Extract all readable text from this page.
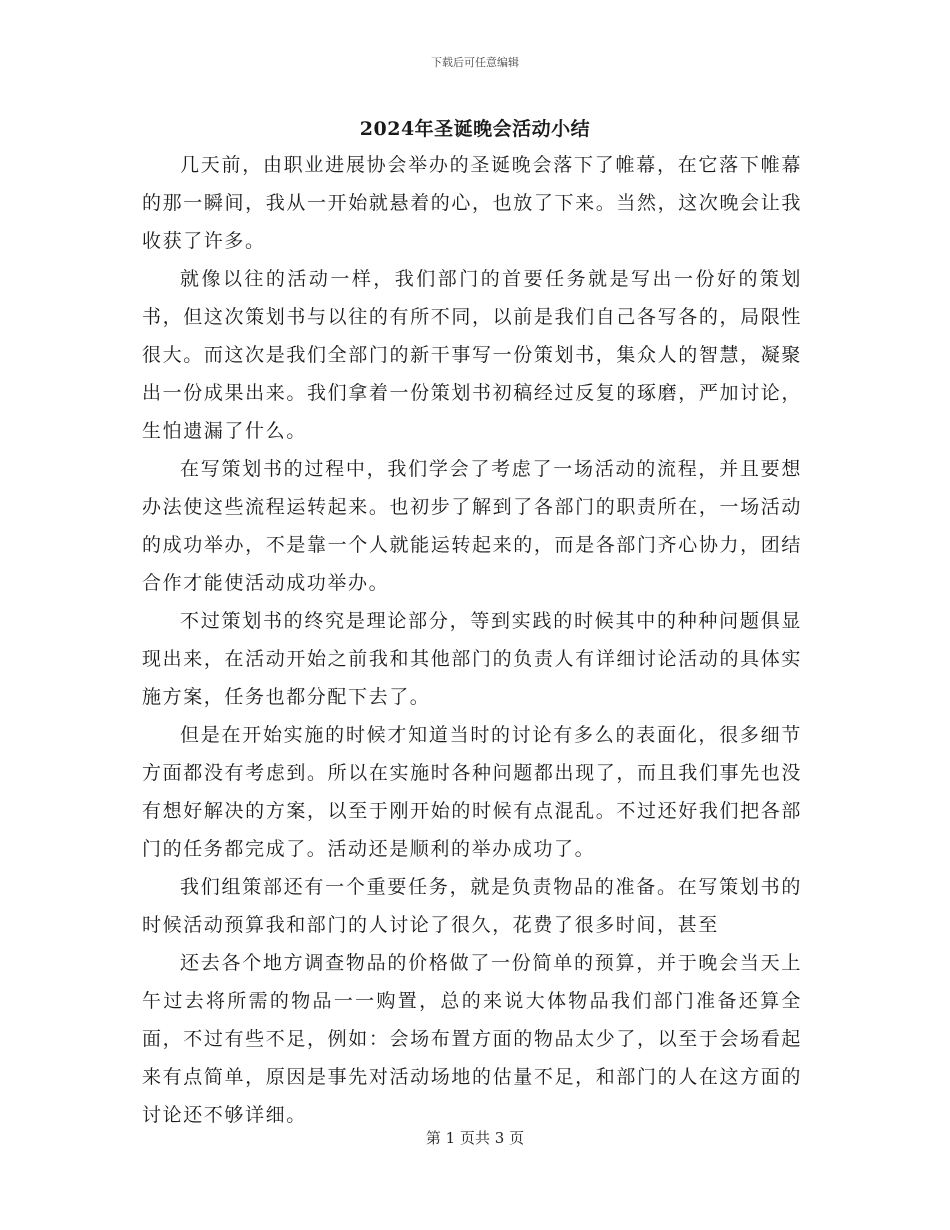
下载后可任意编辑
2024年圣诞晚会活动小结

几天前，由职业进展协会举办的圣诞晚会落下了帷幕，在它落下帷幕的那一瞬间，我从一开始就悬着的心，也放了下来。当然，这次晚会让我收获了许多。

就像以往的活动一样，我们部门的首要任务就是写出一份好的策划书，但这次策划书与以往的有所不同，以前是我们自己各写各的，局限性很大。而这次是我们全部门的新干事写一份策划书，集众人的智慧，凝聚出一份成果出来。我们拿着一份策划书初稿经过反复的琢磨，严加讨论，生怕遗漏了什么。

在写策划书的过程中，我们学会了考虑了一场活动的流程，并且要想办法使这些流程运转起来。也初步了解到了各部门的职责所在，一场活动的成功举办，不是靠一个人就能运转起来的，而是各部门齐心协力，团结合作才能使活动成功举办。

不过策划书的终究是理论部分，等到实践的时候其中的种种问题俱显现出来，在活动开始之前我和其他部门的负责人有详细讨论活动的具体实施方案，任务也都分配下去了。

但是在开始实施的时候才知道当时的讨论有多么的表面化，很多细节方面都没有考虑到。所以在实施时各种问题都出现了，而且我们事先也没有想好解决的方案，以至于刚开始的时候有点混乱。不过还好我们把各部门的任务都完成了。活动还是顺利的举办成功了。

我们组策部还有一个重要任务，就是负责物品的准备。在写策划书的时候活动预算我和部门的人讨论了很久，花费了很多时间，甚至

还去各个地方调查物品的价格做了一份简单的预算，并于晚会当天上午过去将所需的物品一一购置，总的来说大体物品我们部门准备还算全面，不过有些不足，例如：会场布置方面的物品太少了，以至于会场看起来有点简单，原因是事先对活动场地的估量不足，和部门的人在这方面的讨论还不够详细。

第 1 页共 3 页
